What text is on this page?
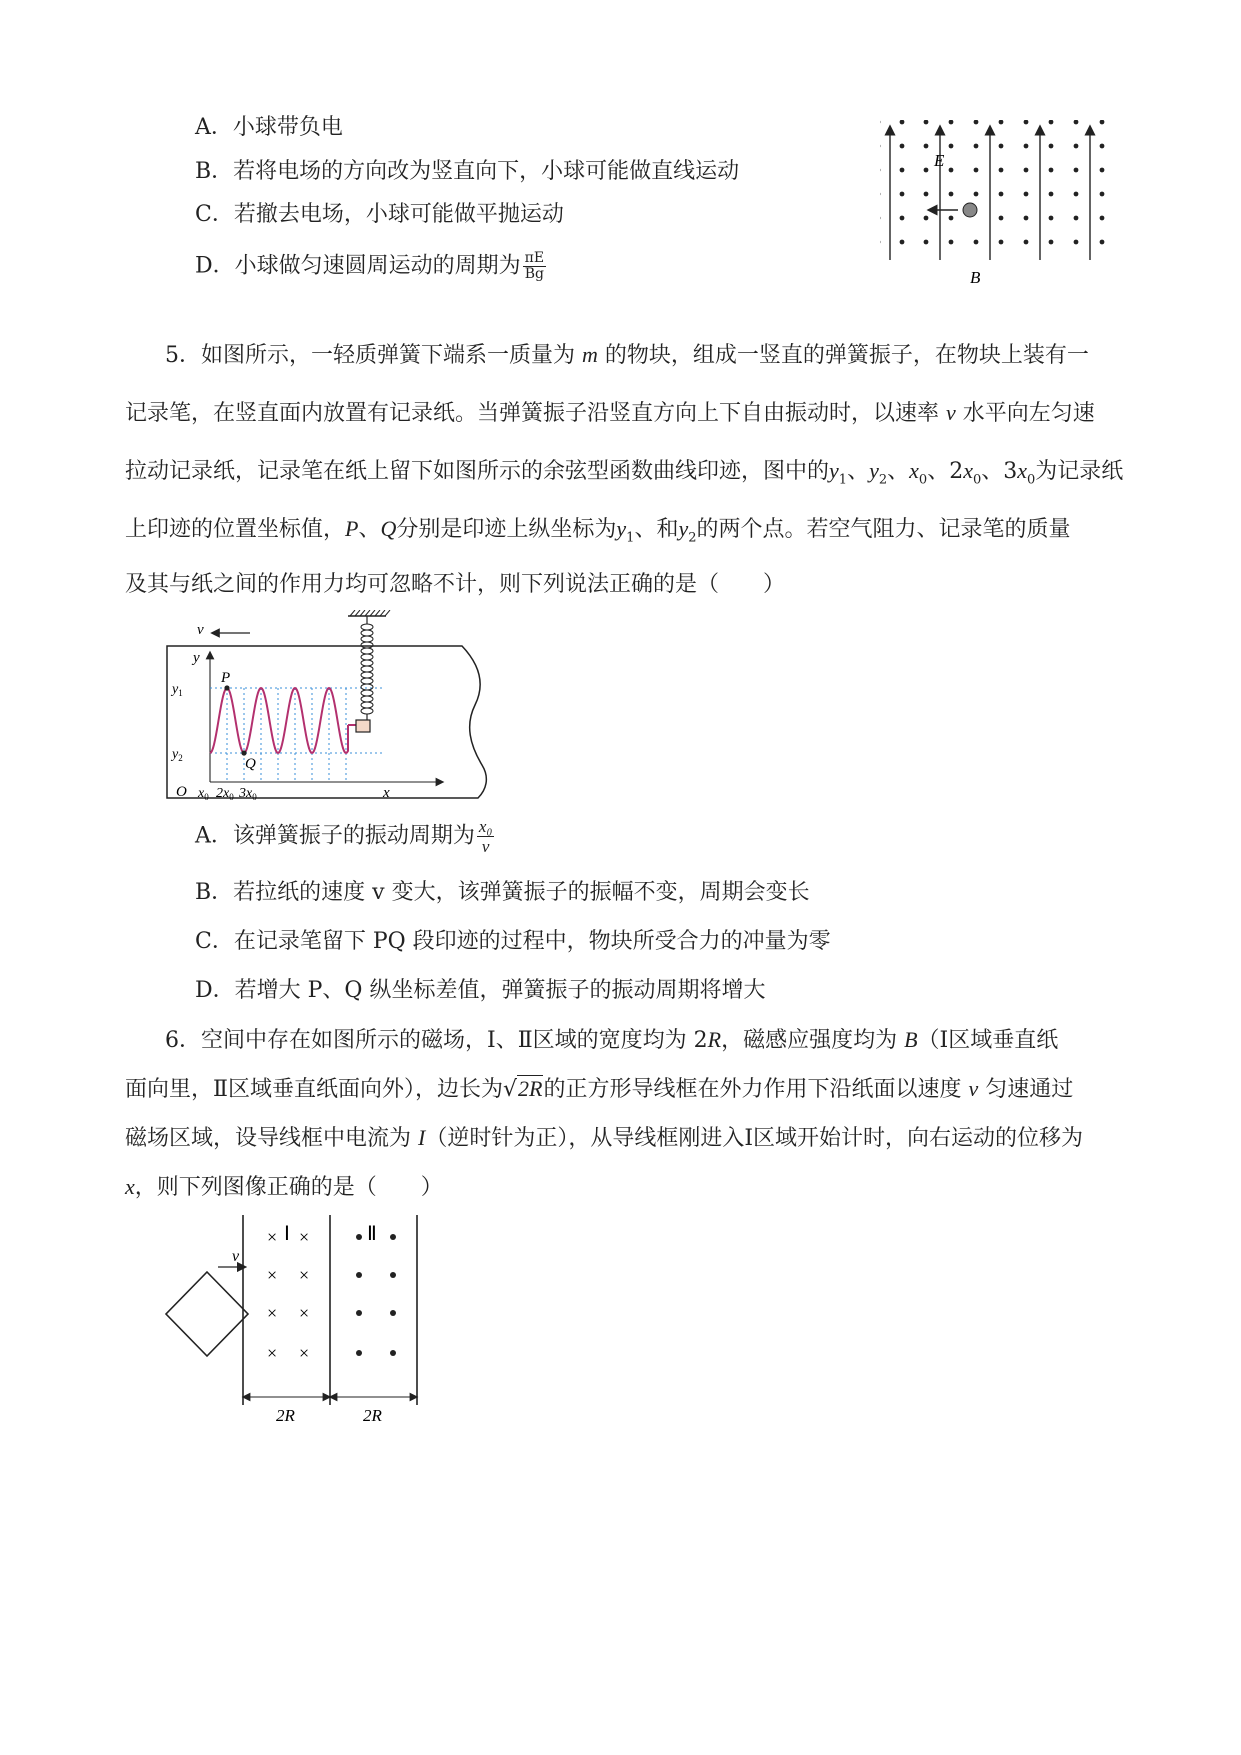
A．小球带负电
B．若将电场的方向改为竖直向下，小球可能做直线运动
C．若撤去电场，小球可能做平抛运动
D．小球做匀速圆周运动的周期为 $\frac{\pi E}{Bg}$
E
B
5．如图所示，一轻质弹簧下端系一质量为 m 的物块，组成一竖直的弹簧振子，在物块上装有一
记录笔，在竖直面内放置有记录纸。当弹簧振子沿竖直方向上下自由振动时，以速率 v 水平向左匀速
拉动记录纸，记录笔在纸上留下如图所示的余弦型函数曲线印迹，图中的$y_1$、$y_2$、$x_0$、$2x_0$、$3x_0$为记录纸
上印迹的位置坐标值，P、Q分别是印迹上纵坐标为$y_1$、和$y_2$的两个点。若空气阻力、记录笔的质量
及其与纸之间的作用力均可忽略不计，则下列说法正确的是（　　）
v
P
Q
y
$y_1$
$y_2$
O	x
$x_0$ $2x_0$ $3x_0$
A．该弹簧振子的振动周期为 $\frac{\text{x₀}}{v}$
B．若拉纸的速度 v 变大，该弹簧振子的振幅不变，周期会变长
C．在记录笔留下 PQ 段印迹的过程中，物块所受合力的冲量为零
D．若增大 P、Q 纵坐标差值，弹簧振子的振动周期将增大
6．空间中存在如图所示的磁场，Ⅰ、Ⅱ区域的宽度均为 2R，磁感应强度均为 B（Ⅰ区域垂直纸
面向里，Ⅱ区域垂直纸面向外），边长为√2R的正方形导线框在外力作用下沿纸面以速度 v 匀速通过
磁场区域，设导线框中电流为 I（逆时针为正），从导线框刚进入Ⅰ区域开始计时，向右运动的位移为
x，则下列图像正确的是（　　）
v
Ⅰ	Ⅱ
× ×
× ×
× ×
× ×
2R	2R
